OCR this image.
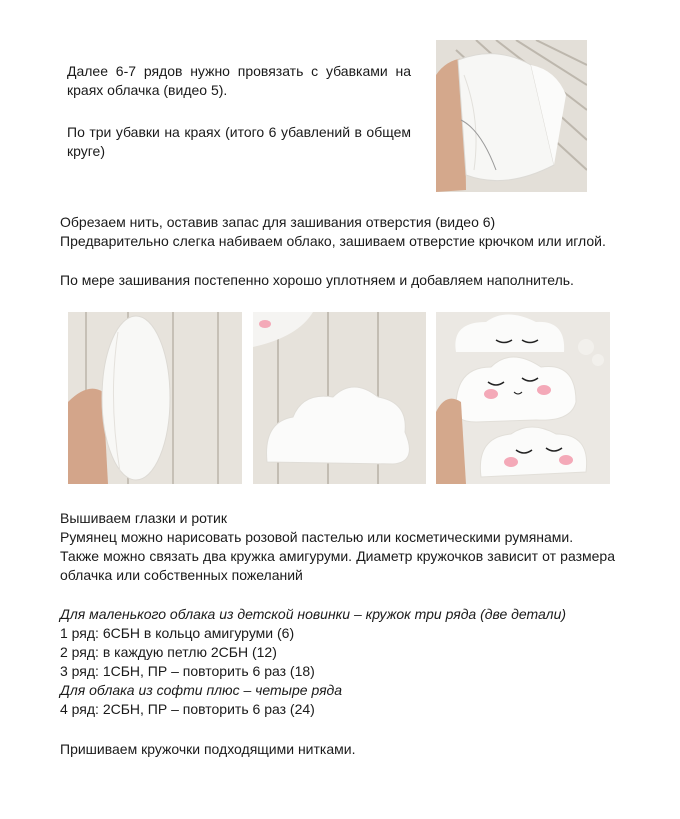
Далее 6-7 рядов нужно провязать с убавками на краях облачка (видео 5).

По три убавки на краях (итого 6 убавлений в общем круге)

Обрезаем нить, оставив запас для зашивания отверстия (видео 6)

Предварительно слегка набиваем облако, зашиваем отверстие крючком или иглой.

По мере зашивания постепенно хорошо уплотняем и добавляем наполнитель.

Вышиваем глазки и ротик

Румянец можно нарисовать розовой пастелью или косметическими румянами.

Также можно связать два кружка амигуруми. Диаметр кружочков зависит от размера облачка или собственных пожеланий

Для маленького облака из детской новинки – кружок три ряда (две детали)

1 ряд: 6СБН в кольцо амигуруми (6)

2 ряд: в каждую петлю 2СБН (12)

3 ряд: 1СБН, ПР – повторить 6 раз (18)

Для облака из софти плюс – четыре ряда

4 ряд: 2СБН, ПР – повторить 6 раз (24)

Пришиваем кружочки подходящими нитками.
